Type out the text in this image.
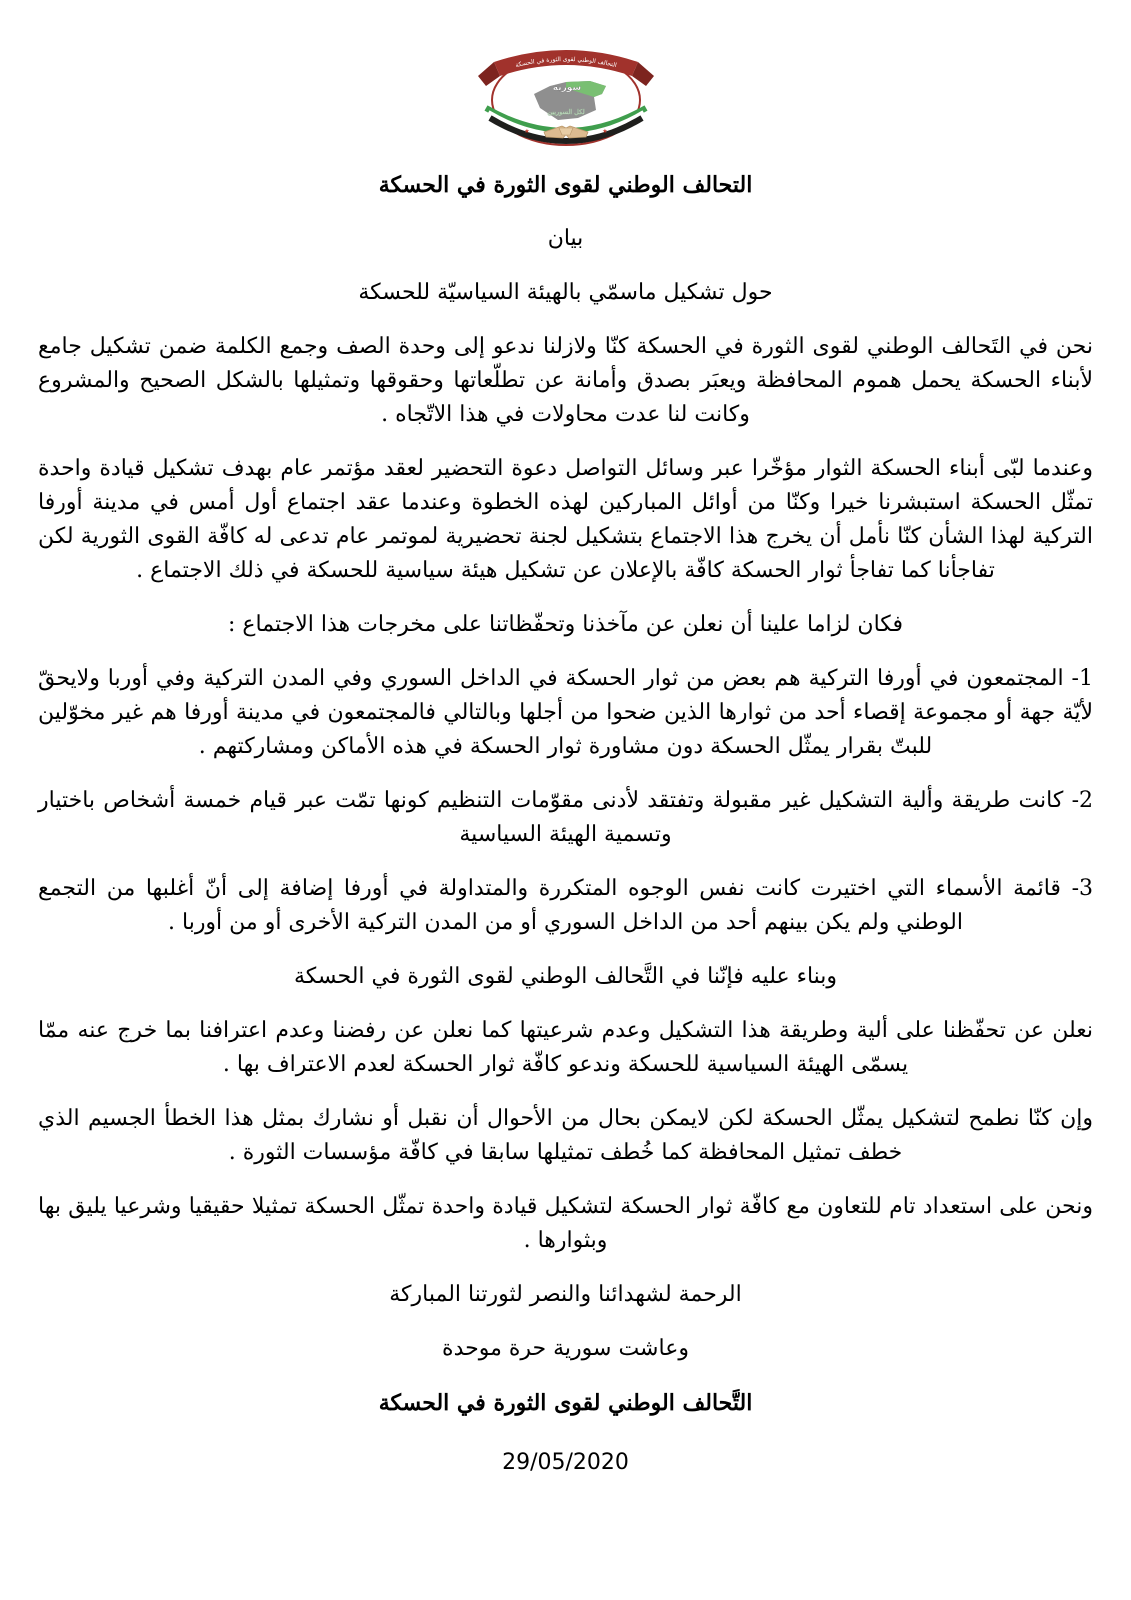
سورية
لكل السوريين
★	★
التحالف الوطني لقوى الثورة في الحسكة

التحالف الوطني لقوى الثورة في الحسكة

بيان

حول تشكيل ماسمّي بالهيئة السياسيّة للحسكة

نحن في التَحالف الوطني لقوى الثورة في الحسكة كنّا ولازلنا ندعو إلى وحدة الصف وجمع الكلمة ضمن تشكيل جامع لأبناء الحسكة يحمل هموم المحافظة ويعبَر بصدق وأمانة عن تطلّعاتها وحقوقها وتمثيلها بالشكل الصحيح والمشروع وكانت لنا عدت محاولات في هذا الاتّجاه .

وعندما لبّى أبناء الحسكة الثوار مؤخّرا عبر وسائل التواصل دعوة التحضير لعقد مؤتمر عام بهدف تشكيل قيادة واحدة تمثّل الحسكة استبشرنا خيرا وكنّا من أوائل المباركين لهذه الخطوة وعندما عقد اجتماع أول أمس في مدينة أورفا التركية لهذا الشأن كنّا نأمل أن يخرج هذا الاجتماع بتشكيل لجنة تحضيرية لموتمر عام تدعى له كافّة القوى الثورية لكن تفاجأنا كما تفاجأ ثوار الحسكة كافّة بالإعلان عن تشكيل هيئة سياسية للحسكة في ذلك الاجتماع .

فكان لزاما علينا أن نعلن عن مآخذنا وتحفّظاتنا على مخرجات هذا الاجتماع :

1- المجتمعون في أورفا التركية هم بعض من ثوار الحسكة في الداخل السوري وفي المدن التركية وفي أوربا ولايحقّ لأيّة جهة أو مجموعة إقصاء أحد من ثوارها الذين ضحوا من أجلها وبالتالي فالمجتمعون في مدينة أورفا هم غير مخوّلين للبتّ بقرار يمثّل الحسكة دون مشاورة ثوار الحسكة في هذه الأماكن ومشاركتهم .

2- كانت طريقة وألية التشكيل غير مقبولة وتفتقد لأدنى مقوّمات التنظيم كونها تمّت عبر قيام خمسة أشخاص باختيار وتسمية الهيئة السياسية

3- قائمة الأسماء التي اختيرت كانت نفس الوجوه المتكررة والمتداولة في أورفا إضافة إلى أنّ أغلبها من التجمع الوطني ولم يكن بينهم أحد من الداخل السوري أو من المدن التركية الأخرى أو من أوربا .

وبناء عليه فإنّنا في التَّحالف الوطني لقوى الثورة في الحسكة

نعلن عن تحفّظنا على ألية وطريقة هذا التشكيل وعدم شرعيتها كما نعلن عن رفضنا وعدم اعترافنا بما خرج عنه ممّا يسمّى الهيئة السياسية للحسكة وندعو كافّة ثوار الحسكة لعدم الاعتراف بها .

وإن كنّا نطمح لتشكيل يمثّل الحسكة لكن لايمكن بحال من الأحوال أن نقبل أو نشارك بمثل هذا الخطأ الجسيم الذي خطف تمثيل المحافظة كما خُطف تمثيلها سابقا في كافّة مؤسسات الثورة .

ونحن على استعداد تام للتعاون مع كافّة ثوار الحسكة لتشكيل قيادة واحدة تمثّل الحسكة تمثيلا حقيقيا وشرعيا يليق بها وبثوارها .

الرحمة لشهدائنا والنصر لثورتنا المباركة

وعاشت سورية حرة موحدة

التَّحالف الوطني لقوى الثورة في الحسكة

29/05/2020
